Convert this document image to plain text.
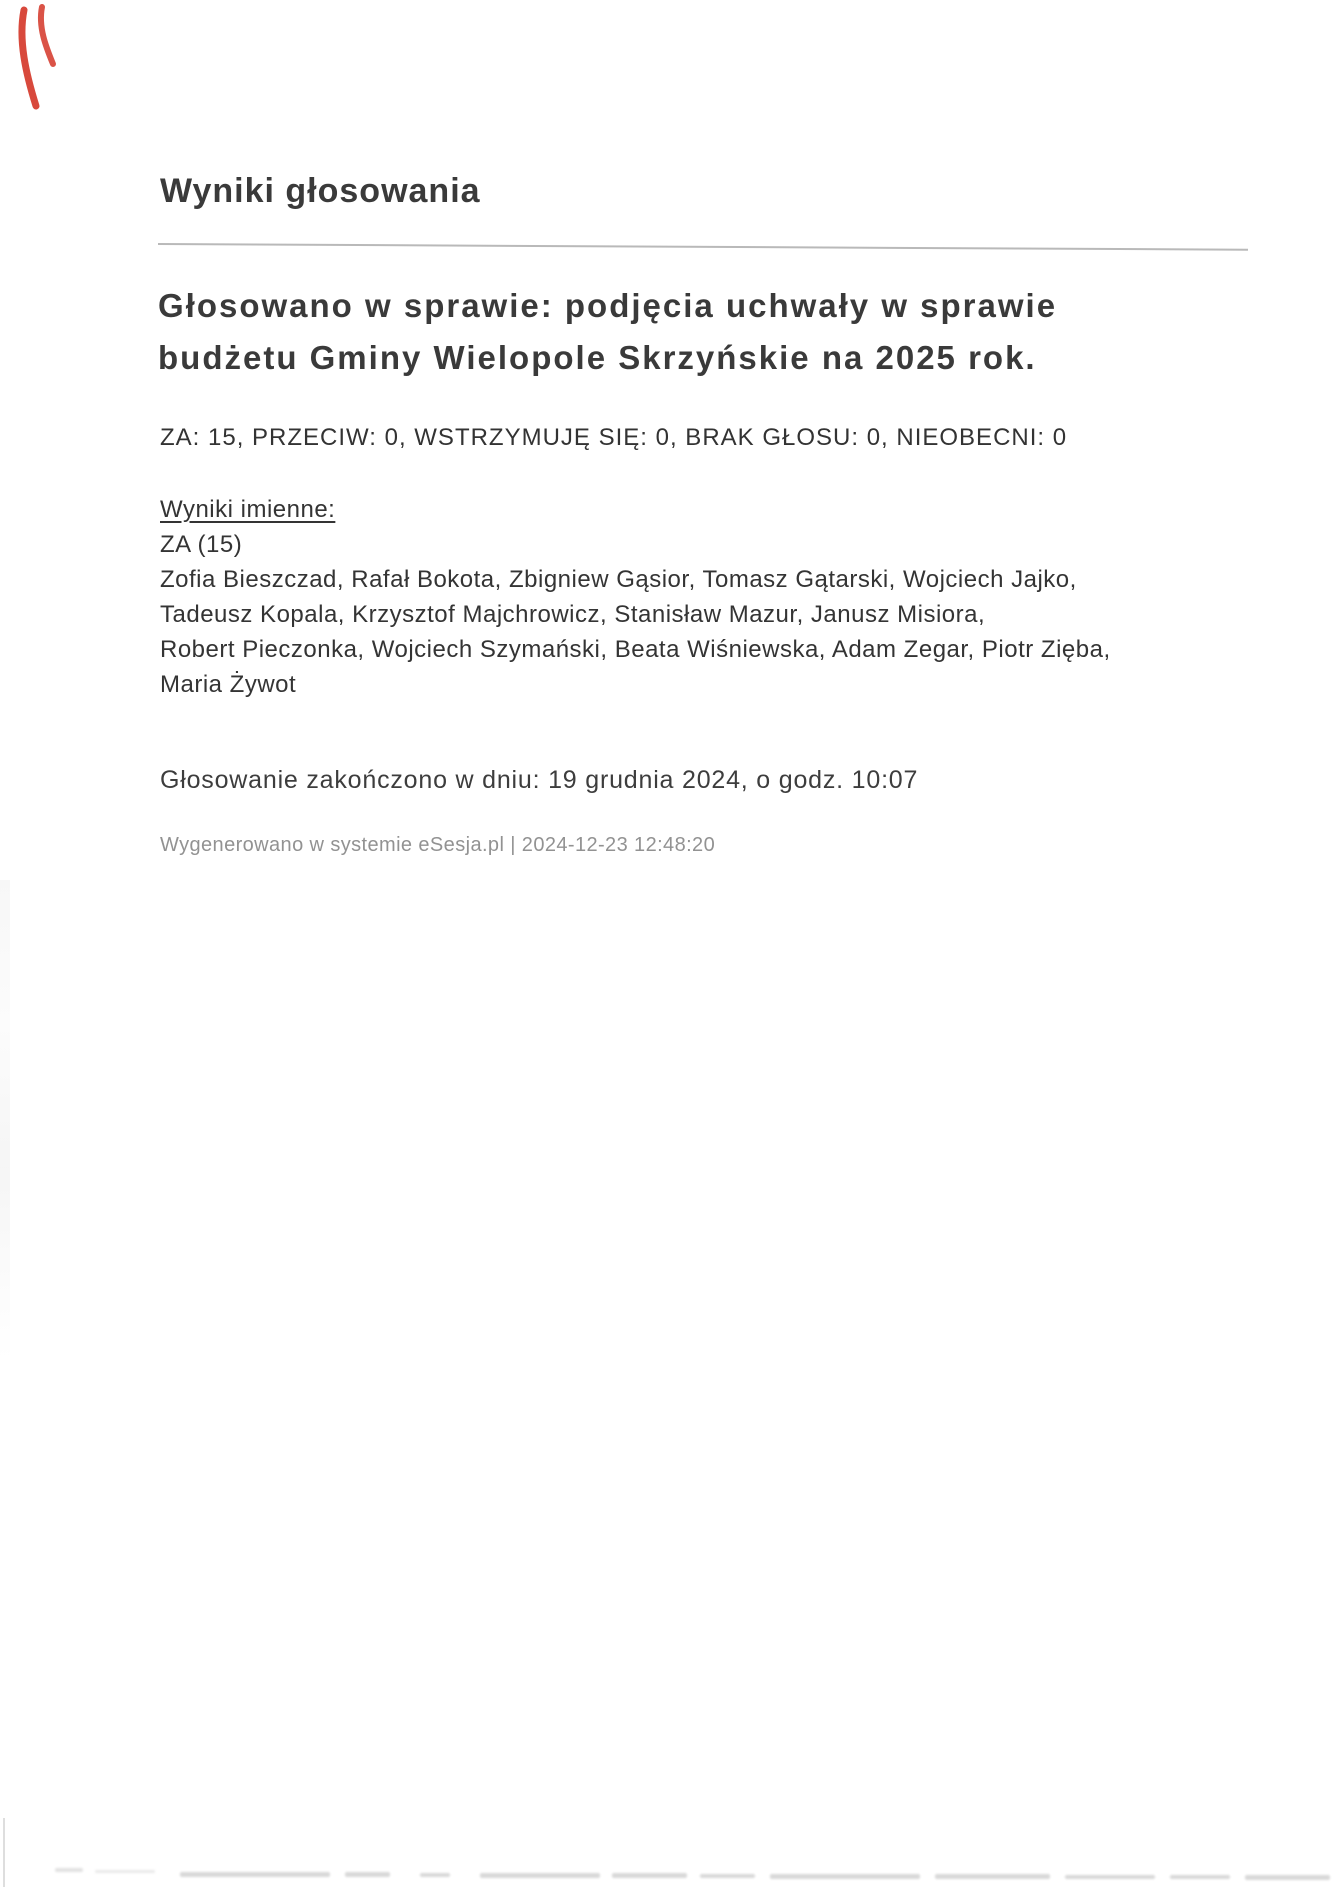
Wyniki głosowania
Głosowano w sprawie: podjęcia uchwały w sprawie
budżetu Gminy Wielopole Skrzyńskie na 2025 rok.
ZA: 15, PRZECIW: 0, WSTRZYMUJĘ SIĘ: 0, BRAK GŁOSU: 0, NIEOBECNI: 0
Wyniki imienne:
ZA (15)
Zofia Bieszczad, Rafał Bokota, Zbigniew Gąsior, Tomasz Gątarski, Wojciech Jajko,
Tadeusz Kopala, Krzysztof Majchrowicz, Stanisław Mazur, Janusz Misiora,
Robert Pieczonka, Wojciech Szymański, Beata Wiśniewska, Adam Zegar, Piotr Zięba,
Maria Żywot
Głosowanie zakończono w dniu: 19 grudnia 2024, o godz. 10:07
Wygenerowano w systemie eSesja.pl | 2024-12-23 12:48:20
